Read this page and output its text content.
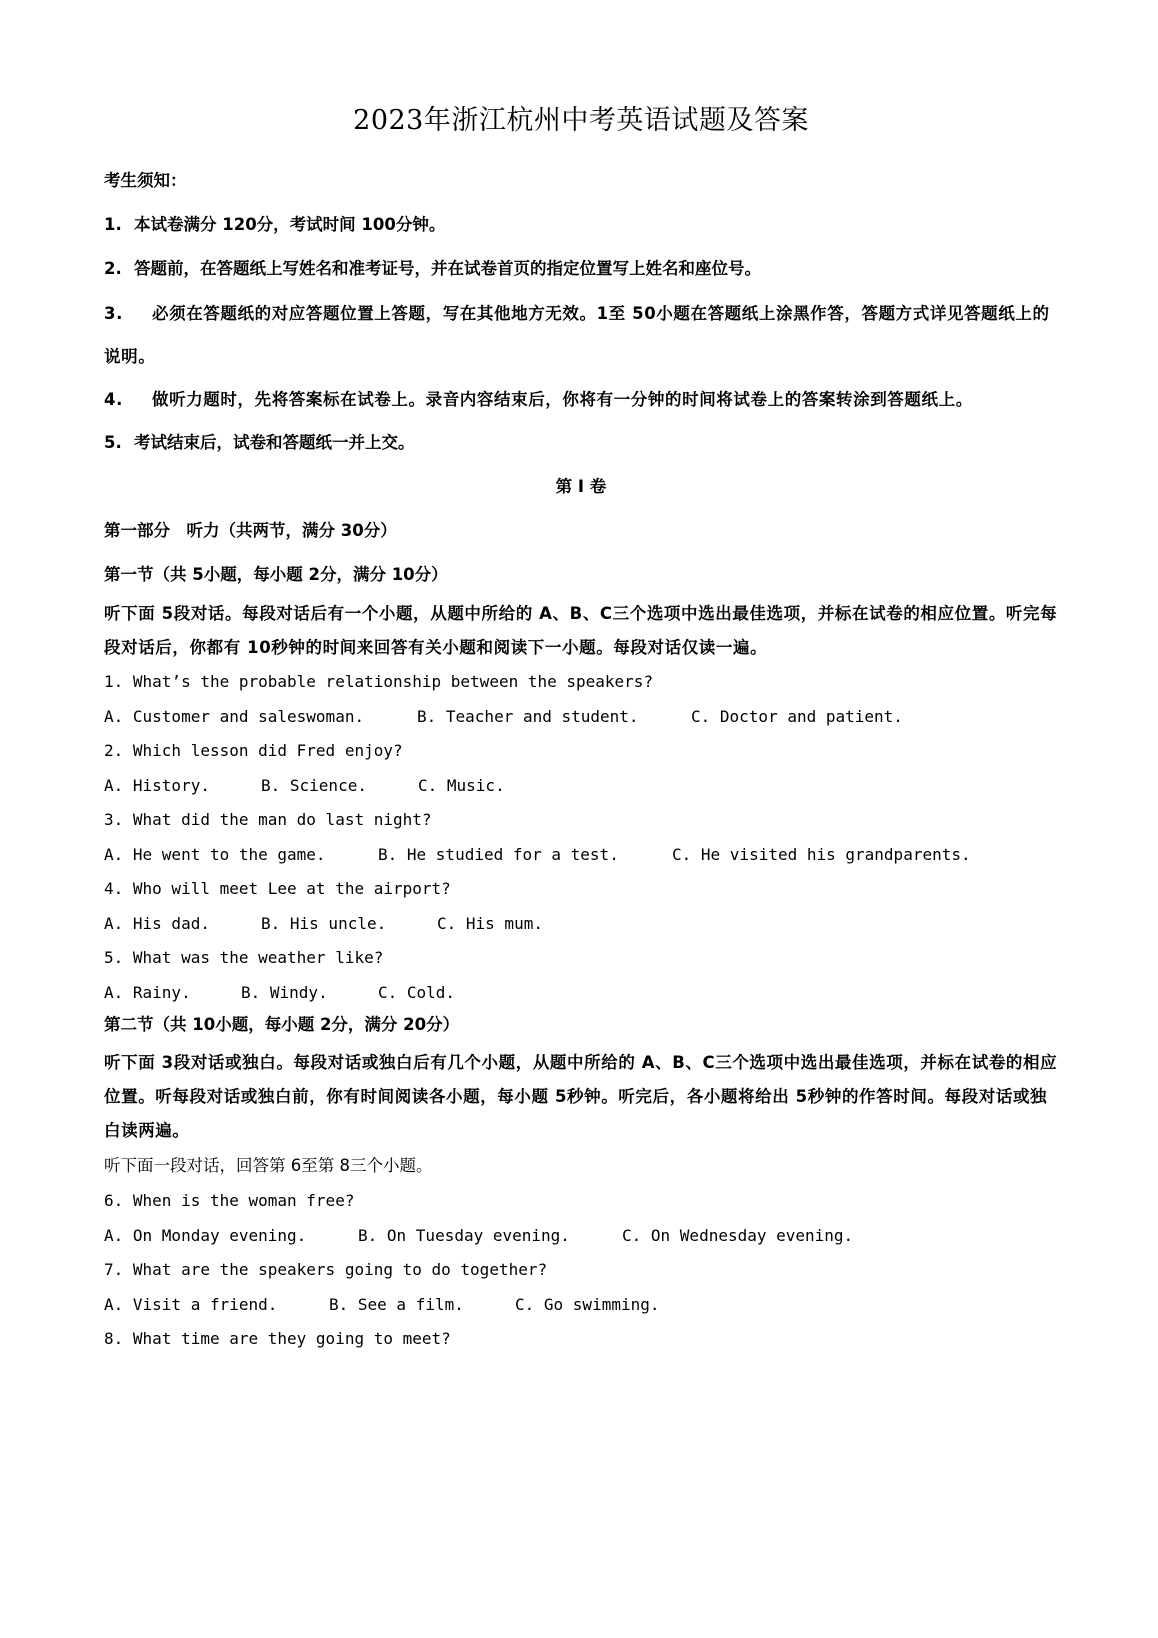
2023年浙江杭州中考英语试题及答案

考生须知：

1. 本试卷满分 120分，考试时间 100分钟。

2. 答题前，在答题纸上写姓名和准考证号，并在试卷首页的指定位置写上姓名和座位号。

3. 必须在答题纸的对应答题位置上答题，写在其他地方无效。1至 50小题在答题纸上涂黑作答，答题方式详见答题纸上的说明。

4. 做听力题时，先将答案标在试卷上。录音内容结束后，你将有一分钟的时间将试卷上的答案转涂到答题纸上。

5. 考试结束后，试卷和答题纸一并上交。

第 I 卷

第一部分　听力（共两节，满分 30分）

第一节（共 5小题，每小题 2分，满分 10分）

听下面 5段对话。每段对话后有一个小题，从题中所给的 A、B、C三个选项中选出最佳选项，并标在试卷的相应位置。听完每段对话后，你都有 10秒钟的时间来回答有关小题和阅读下一小题。每段对话仅读一遍。

1. What’s the probable relationship between the speakers?

A. Customer and saleswoman.	B. Teacher and student.	C. Doctor and patient.

2. Which lesson did Fred enjoy?

A. History.	B. Science.	C. Music.

3. What did the man do last night?

A. He went to the game.	B. He studied for a test.	C. He visited his grandparents.

4. Who will meet Lee at the airport?

A. His dad.	B. His uncle.	C. His mum.

5. What was the weather like?

A. Rainy.	B. Windy.	C. Cold.

第二节（共 10小题，每小题 2分，满分 20分）

听下面 3段对话或独白。每段对话或独白后有几个小题，从题中所给的 A、B、C三个选项中选出最佳选项，并标在试卷的相应位置。听每段对话或独白前，你有时间阅读各小题，每小题 5秒钟。听完后，各小题将给出 5秒钟的作答时间。每段对话或独白读两遍。

听下面一段对话，回答第 6至第 8三个小题。

6. When is the woman free?

A. On Monday evening.	B. On Tuesday evening.	C. On Wednesday evening.

7. What are the speakers going to do together?

A. Visit a friend.	B. See a film.	C. Go swimming.

8. What time are they going to meet?
